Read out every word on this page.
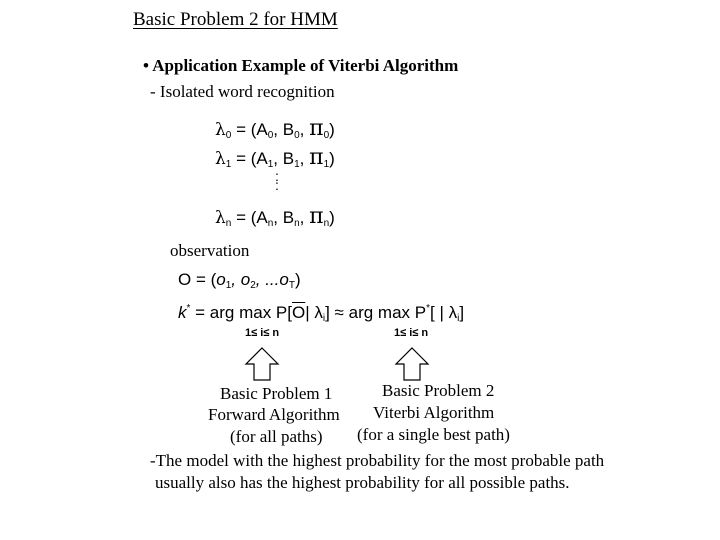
Basic Problem 2 for HMM
• Application Example of Viterbi Algorithm
- Isolated word recognition
$\lambda_0 = (A_0$, $B_0$, $\pi_0$)
$\lambda_1 = (A_1$, $B_1$, $\pi_1$)
:
:
$\lambda_n = (A_n$, $B_n$, $\pi_n$)
observation
$O = (o_1$, $o_2$, $...o_T$)
k* = arg $\max P[\overline{O}|$ $\lambda_i$] ≈ arg max P*[ | $\lambda_i$]
1≤ i≤ n	1≤ i≤ n
Basic Problem 1
Forward Algorithm
(for all paths)
Basic Problem 2
Viterbi Algorithm
(for a single best path)
-The model with the highest probability for the most probable path
usually also has the highest probability for all possible paths.
